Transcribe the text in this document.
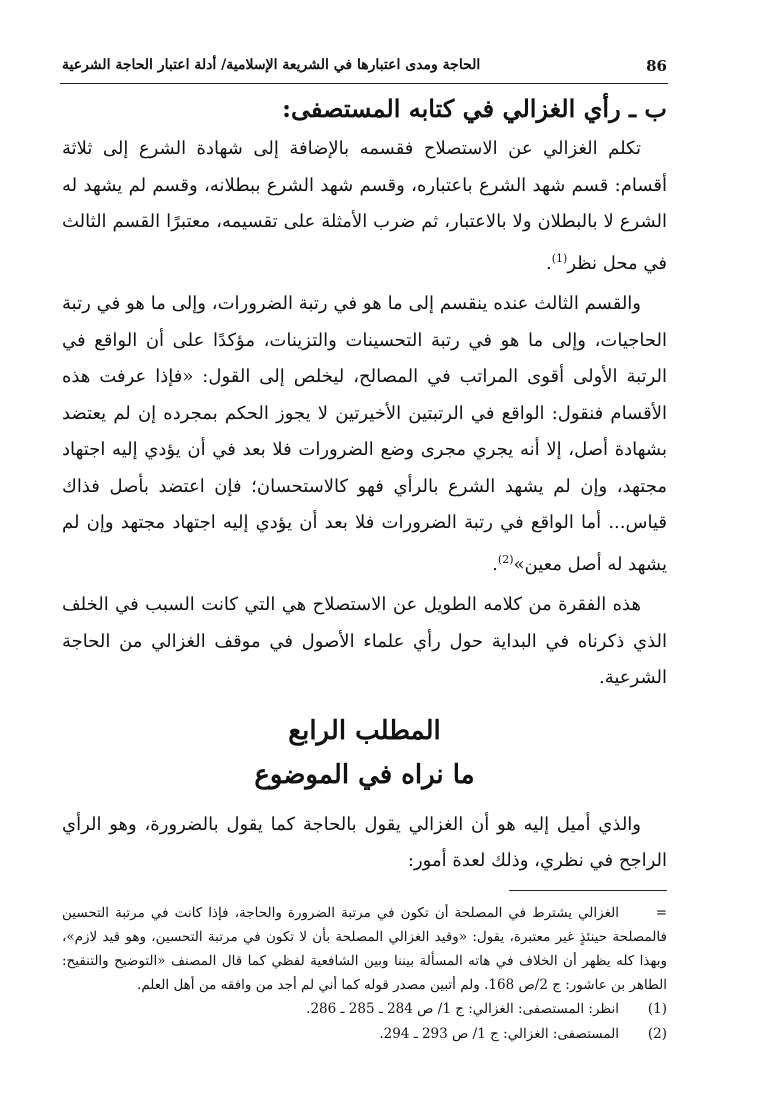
86
الحاجة ومدى اعتبارها في الشريعة الإسلامية/ أدلة اعتبار الحاجة الشرعية
ب ـ رأي الغزالي في كتابه المستصفى:

تكلم الغزالي عن الاستصلاح فقسمه بالإضافة إلى شهادة الشرع إلى ثلاثة أقسام: قسم شهد الشرع باعتباره، وقسم شهد الشرع ببطلانه، وقسم لم يشهد له الشرع لا بالبطلان ولا بالاعتبار، ثم ضرب الأمثلة على تقسيمه، معتبرًا القسم الثالث في محل نظر$^{(1)}$.

والقسم الثالث عنده ينقسم إلى ما هو في رتبة الضرورات، وإلى ما هو في رتبة الحاجيات، وإلى ما هو في رتبة التحسينات والتزينات، مؤكدًا على أن الواقع في الرتبة الأولى أقوى المراتب في المصالح، ليخلص إلى القول: «فإذا عرفت هذه الأقسام فنقول: الواقع في الرتبتين الأخيرتين لا يجوز الحكم بمجرده إن لم يعتضد بشهادة أصل، إلا أنه يجري مجرى وضع الضرورات فلا بعد في أن يؤدي إليه اجتهاد مجتهد، وإن لم يشهد الشرع بالرأي فهو كالاستحسان؛ فإن اعتضد بأصل فذاك قياس... أما الواقع في رتبة الضرورات فلا بعد أن يؤدي إليه اجتهاد مجتهد وإن لم يشهد له أصل معين»$^{(2)}$.

هذه الفقرة من كلامه الطويل عن الاستصلاح هي التي كانت السبب في الخلف الذي ذكرناه في البداية حول رأي علماء الأصول في موقف الغزالي من الحاجة الشرعية.

المطلب الرابع

ما نراه في الموضوع

والذي أميل إليه هو أن الغزالي يقول بالحاجة كما يقول بالضرورة، وهو الرأي الراجح في نظري، وذلك لعدة أمور:

=الغزالي يشترط في المصلحة أن تكون في مرتبة الضرورة والحاجة، فإذا كانت في مرتبة التحسين فالمصلحة حينئذٍ غير معتبرة، يقول: «وقيد الغزالي المصلحة بأن لا تكون في مرتبة التحسين، وهو قيد لازم»، وبهذا كله يظهر أن الخلاف في هاته المسألة بيننا وبين الشافعية لفظي كما قال المصنف «التوضيح والتنقيح: الطاهر بن عاشور: ج 2/ص 168. ولم أتبين مصدر قوله كما أني لم أجد من وافقه من أهل العلم.

(1)انظر: المستصفى: الغزالي: ج 1/ ص 284 ـ 285 ـ 286.

(2)المستصفى: الغزالي: ج 1/ ص 293 ـ 294.
